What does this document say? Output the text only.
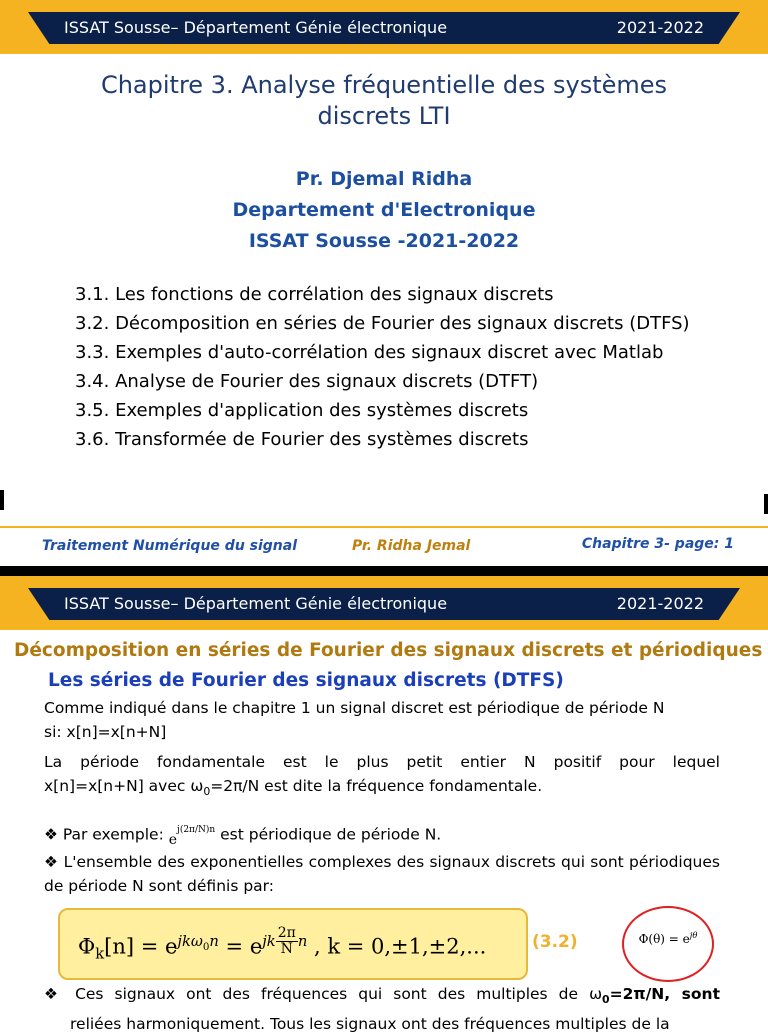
ISSAT Sousse– Département Génie électronique	2021-2022
Chapitre 3. Analyse fréquentielle des systèmes
discrets LTI
Pr. Djemal Ridha
Departement d'Electronique
ISSAT Sousse -2021-2022
3.1. Les fonctions de corrélation des signaux discrets
3.2. Décomposition en séries de Fourier des signaux discrets (DTFS)
3.3. Exemples d'auto-corrélation des signaux discret avec Matlab
3.4. Analyse de Fourier des signaux discrets (DTFT)
3.5. Exemples d'application des systèmes discrets
3.6. Transformée de Fourier des systèmes discrets
Traitement Numérique du signal	Pr. Ridha Jemal	Chapitre 3- page: 1
ISSAT Sousse– Département Génie électronique	2021-2022
Décomposition en séries de Fourier des signaux discrets et périodiques
Les séries de Fourier des signaux discrets (DTFS)
Comme indiqué dans le chapitre 1 un signal discret est périodique de période N
si: x[n]=x[n+N]
La période fondamentale est le plus petit entier N positif pour lequel
x[n]=x[n+N] avec $\omega_0=2\pi/N$ est dite la fréquence fondamentale.
❖ Par exemple: $e^{j(2\pi/N)n}$ est périodique de période N.
❖ L'ensemble des exponentielles complexes des signaux discrets qui sont périodiques de période N sont définis par:
$\Phi_k[n] = e^{jk\omega_0n} = e^{jk \frac{2\pi}{N} n}$ , k = 0,±1,±2,...	(3.2)	$\Phi(\theta) = e^{j\theta}$
❖ Ces signaux ont des fréquences qui sont des multiples de $\omega_0=2\pi/N$, sont
reliées harmoniquement. Tous les signaux ont des fréquences multiples de la
